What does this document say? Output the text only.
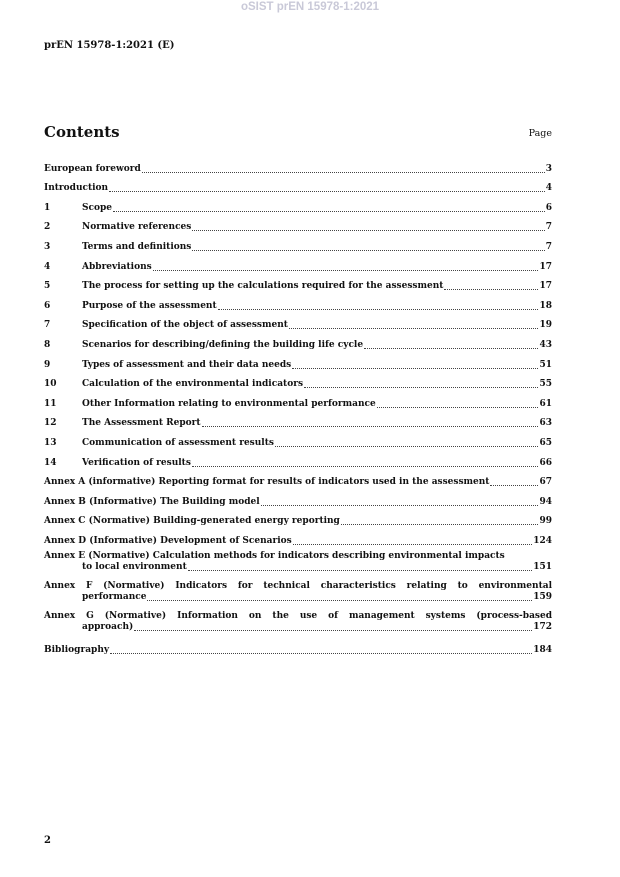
oSIST prEN 15978-1:2021
prEN 15978-1:2021 (E)
Contents	Page
European foreword	3
Introduction	4
1	Scope	6
2	Normative references	7
3	Terms and definitions	7
4	Abbreviations	17
5	The process for setting up the calculations required for the assessment	17
6	Purpose of the assessment	18
7	Specification of the object of assessment	19
8	Scenarios for describing/defining the building life cycle	43
9	Types of assessment and their data needs	51
10	Calculation of the environmental indicators	55
11	Other Information relating to environmental performance	61
12	The Assessment Report	63
13	Communication of assessment results	65
14	Verification of results	66
Annex A (informative) Reporting format for results of indicators used in the assessment	67
Annex B (Informative) The Building model	94
Annex C (Normative) Building-generated energy reporting	99
Annex D (Informative) Development of Scenarios	124
Annex E (Normative) Calculation methods for indicators describing environmental impacts
to local environment	151
Annex F (Normative) Indicators for technical characteristics relating to environmental
performance	159
Annex G (Normative) Information on the use of management systems (process-based
approach)	172
Bibliography	184
2
